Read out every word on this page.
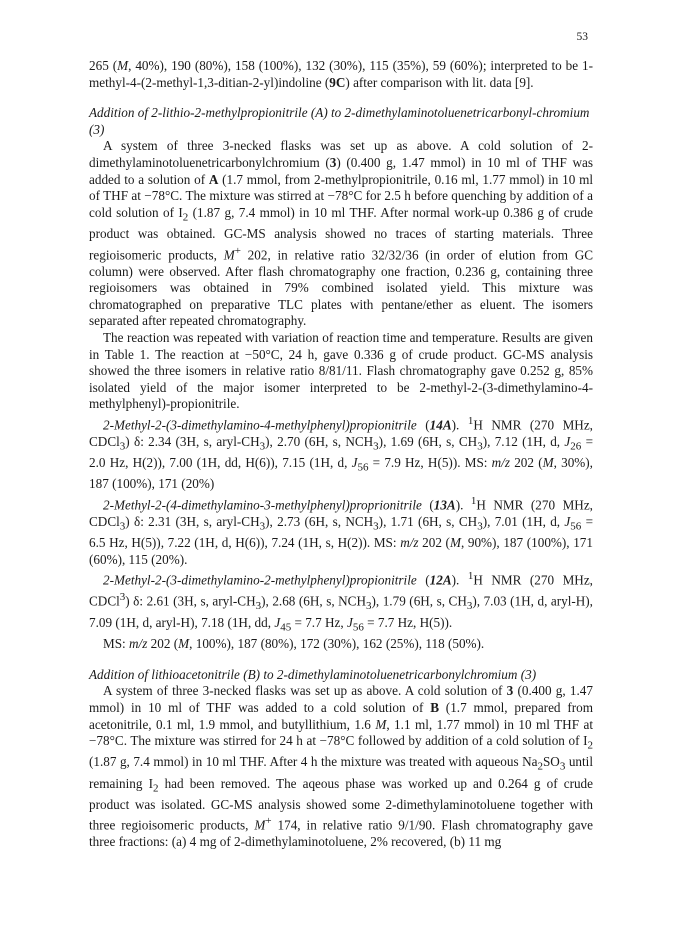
53

265 (M, 40%), 190 (80%), 158 (100%), 132 (30%), 115 (35%), 59 (60%); interpreted to be 1-methyl-4-(2-methyl-1,3-ditian-2-yl)indoline (9C) after comparison with lit. data [9].

Addition of 2-lithio-2-methylpropionitrile (A) to 2-dimethylaminotoluenetricarbonyl-chromium (3)

A system of three 3-necked flasks was set up as above. A cold solution of 2-dimethylaminotoluenetricarbonylchromium (3) (0.400 g, 1.47 mmol) in 10 ml of THF was added to a solution of A (1.7 mmol, from 2-methylpropionitrile, 0.16 ml, 1.77 mmol) in 10 ml of THF at −78°C. The mixture was stirred at −78°C for 2.5 h before quenching by addition of a cold solution of $I_2$ (1.87 g, 7.4 mmol) in 10 ml THF. After normal work-up 0.386 g of crude product was obtained. GC-MS analysis showed no traces of starting materials. Three regioisomeric products, M+ 202, in relative ratio 32/32/36 (in order of elution from GC column) were observed. After flash chromatography one fraction, 0.236 g, containing three regioisomers was obtained in 79% combined isolated yield. This mixture was chromatographed on preparative TLC plates with pentane/ether as eluent. The isomers separated after repeated chromatography.

The reaction was repeated with variation of reaction time and temperature. Results are given in Table 1. The reaction at −50°C, 24 h, gave 0.336 g of crude product. GC-MS analysis showed the three isomers in relative ratio 8/81/11. Flash chromatography gave 0.252 g, 85% isolated yield of the major isomer interpreted to be 2-methyl-2-(3-dimethylamino-4-methylphenyl)-propionitrile.

2-Methyl-2-(3-dimethylamino-4-methylphenyl)propionitrile (14A). $^1$H NMR (270 MHz, CDCl$_3$) δ: 2.34 (3H, s, aryl-$CH_3$), 2.70 (6H, s, $NCH_3$), 1.69 (6H, s, $CH_3$), 7.12 (1H, d, $J_{26} = 2.0$ Hz, H(2)), 7.00 (1H, dd, H(6)), 7.15 (1H, d, $J_{56} = 7.9$ Hz, H(5)). MS: m/z 202 (M, 30%), 187 (100%), 171 (20%)

2-Methyl-2-(4-dimethylamino-3-methylphenyl)proprionitrile (13A). $^1$H NMR (270 MHz, CDCl$_3$) δ: 2.31 (3H, s, aryl-$CH_3$), 2.73 (6H, s, $NCH_3$), 1.71 (6H, s, $CH_3$), 7.01 (1H, d, $J_{56} = 6.5$ Hz, H(5)), 7.22 (1H, d, H(6)), 7.24 (1H, s, H(2)). MS: m/z 202 (M, 90%), 187 (100%), 171 (60%), 115 (20%).

2-Methyl-2-(3-dimethylamino-2-methylphenyl)propionitrile (12A). $^1$H NMR (270 MHz, CDCl$^3$) δ: 2.61 (3H, s, aryl-$CH_3$), 2.68 (6H, s, $NCH_3$), 1.79 (6H, s, $CH_3$), 7.03 (1H, d, aryl-H), 7.09 (1H, d, aryl-H), 7.18 (1H, dd, $J_{45} = 7.7$ Hz, $J_{56} = 7.7$ Hz, H(5)).

MS: m/z 202 (M, 100%), 187 (80%), 172 (30%), 162 (25%), 118 (50%).

Addition of lithioacetonitrile (B) to 2-dimethylaminotoluenetricarbonylchromium (3)

A system of three 3-necked flasks was set up as above. A cold solution of 3 (0.400 g, 1.47 mmol) in 10 ml of THF was added to a cold solution of B (1.7 mmol, prepared from acetonitrile, 0.1 ml, 1.9 mmol, and butyllithium, 1.6 M, 1.1 ml, 1.77 mmol) in 10 ml THF at −78°C. The mixture was stirred for 24 h at −78°C followed by addition of a cold solution of $I_2$ (1.87 g, 7.4 mmol) in 10 ml THF. After 4 h the mixture was treated with aqueous $Na_2SO_3$ until remaining $I_2$ had been removed. The aqeous phase was worked up and 0.264 g of crude product was isolated. GC-MS analysis showed some 2-dimethylaminotoluene together with three regioisomeric products, M+ 174, in relative ratio 9/1/90. Flash chromatography gave three fractions: (a) 4 mg of 2-dimethylaminotoluene, 2% recovered, (b) 11 mg
